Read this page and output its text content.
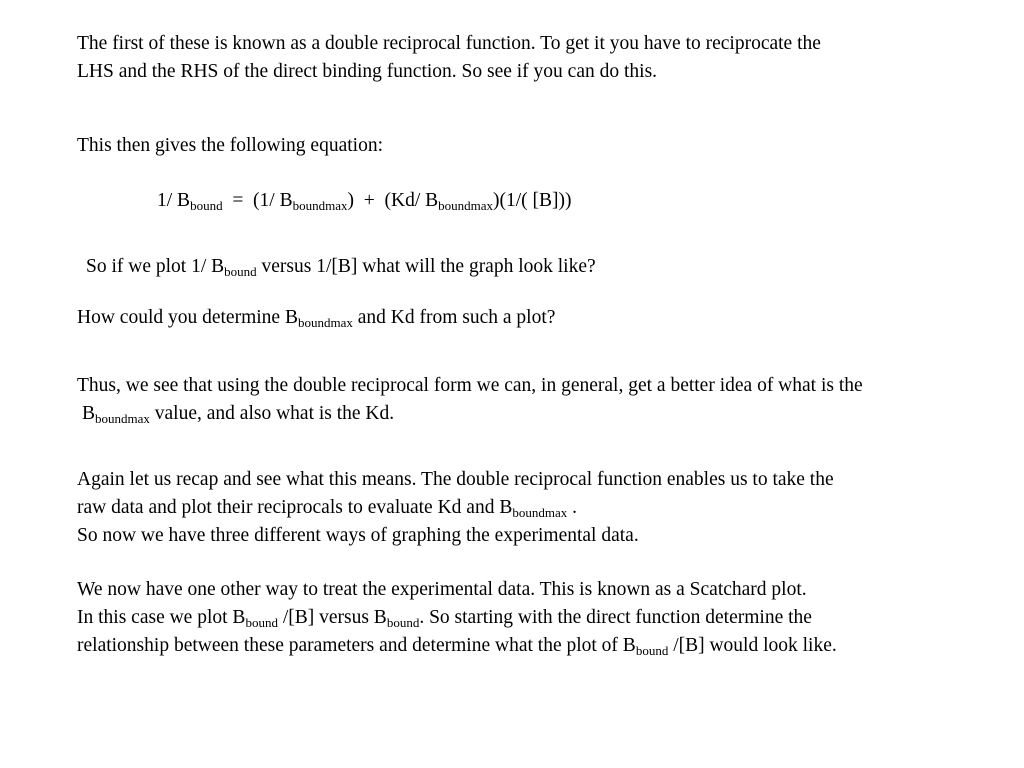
The first of these is known as a double reciprocal function. To get it you have to reciprocate the
LHS and the RHS of the direct binding function. So see if you can do this.
This then gives the following equation:
1/ $B_{bound} = (1/$ $B_{boundmax}) + (Kd/$ $B_{boundmax})(1/$( [B]))
So if we plot 1/ $B_{bound}$ versus 1/[B] what will the graph look like?
How could you determine $B_{boundmax}$ and Kd from such a plot?
Thus, we see that using the double reciprocal form we can, in general, get a better idea of what is the
$B_{boundmax}$ value, and also what is the Kd.
Again let us recap and see what this means. The double reciprocal function enables us to take the
raw data and plot their reciprocals to evaluate Kd and $B_{boundmax}$ .
So now we have three different ways of graphing the experimental data.
We now have one other way to treat the experimental data. This is known as a Scatchard plot.
In this case we plot $B_{bound}$ /[B] versus $B_{bound}$. So starting with the direct function determine the
relationship between these parameters and determine what the plot of $B_{bound}$ /[B] would look like.
